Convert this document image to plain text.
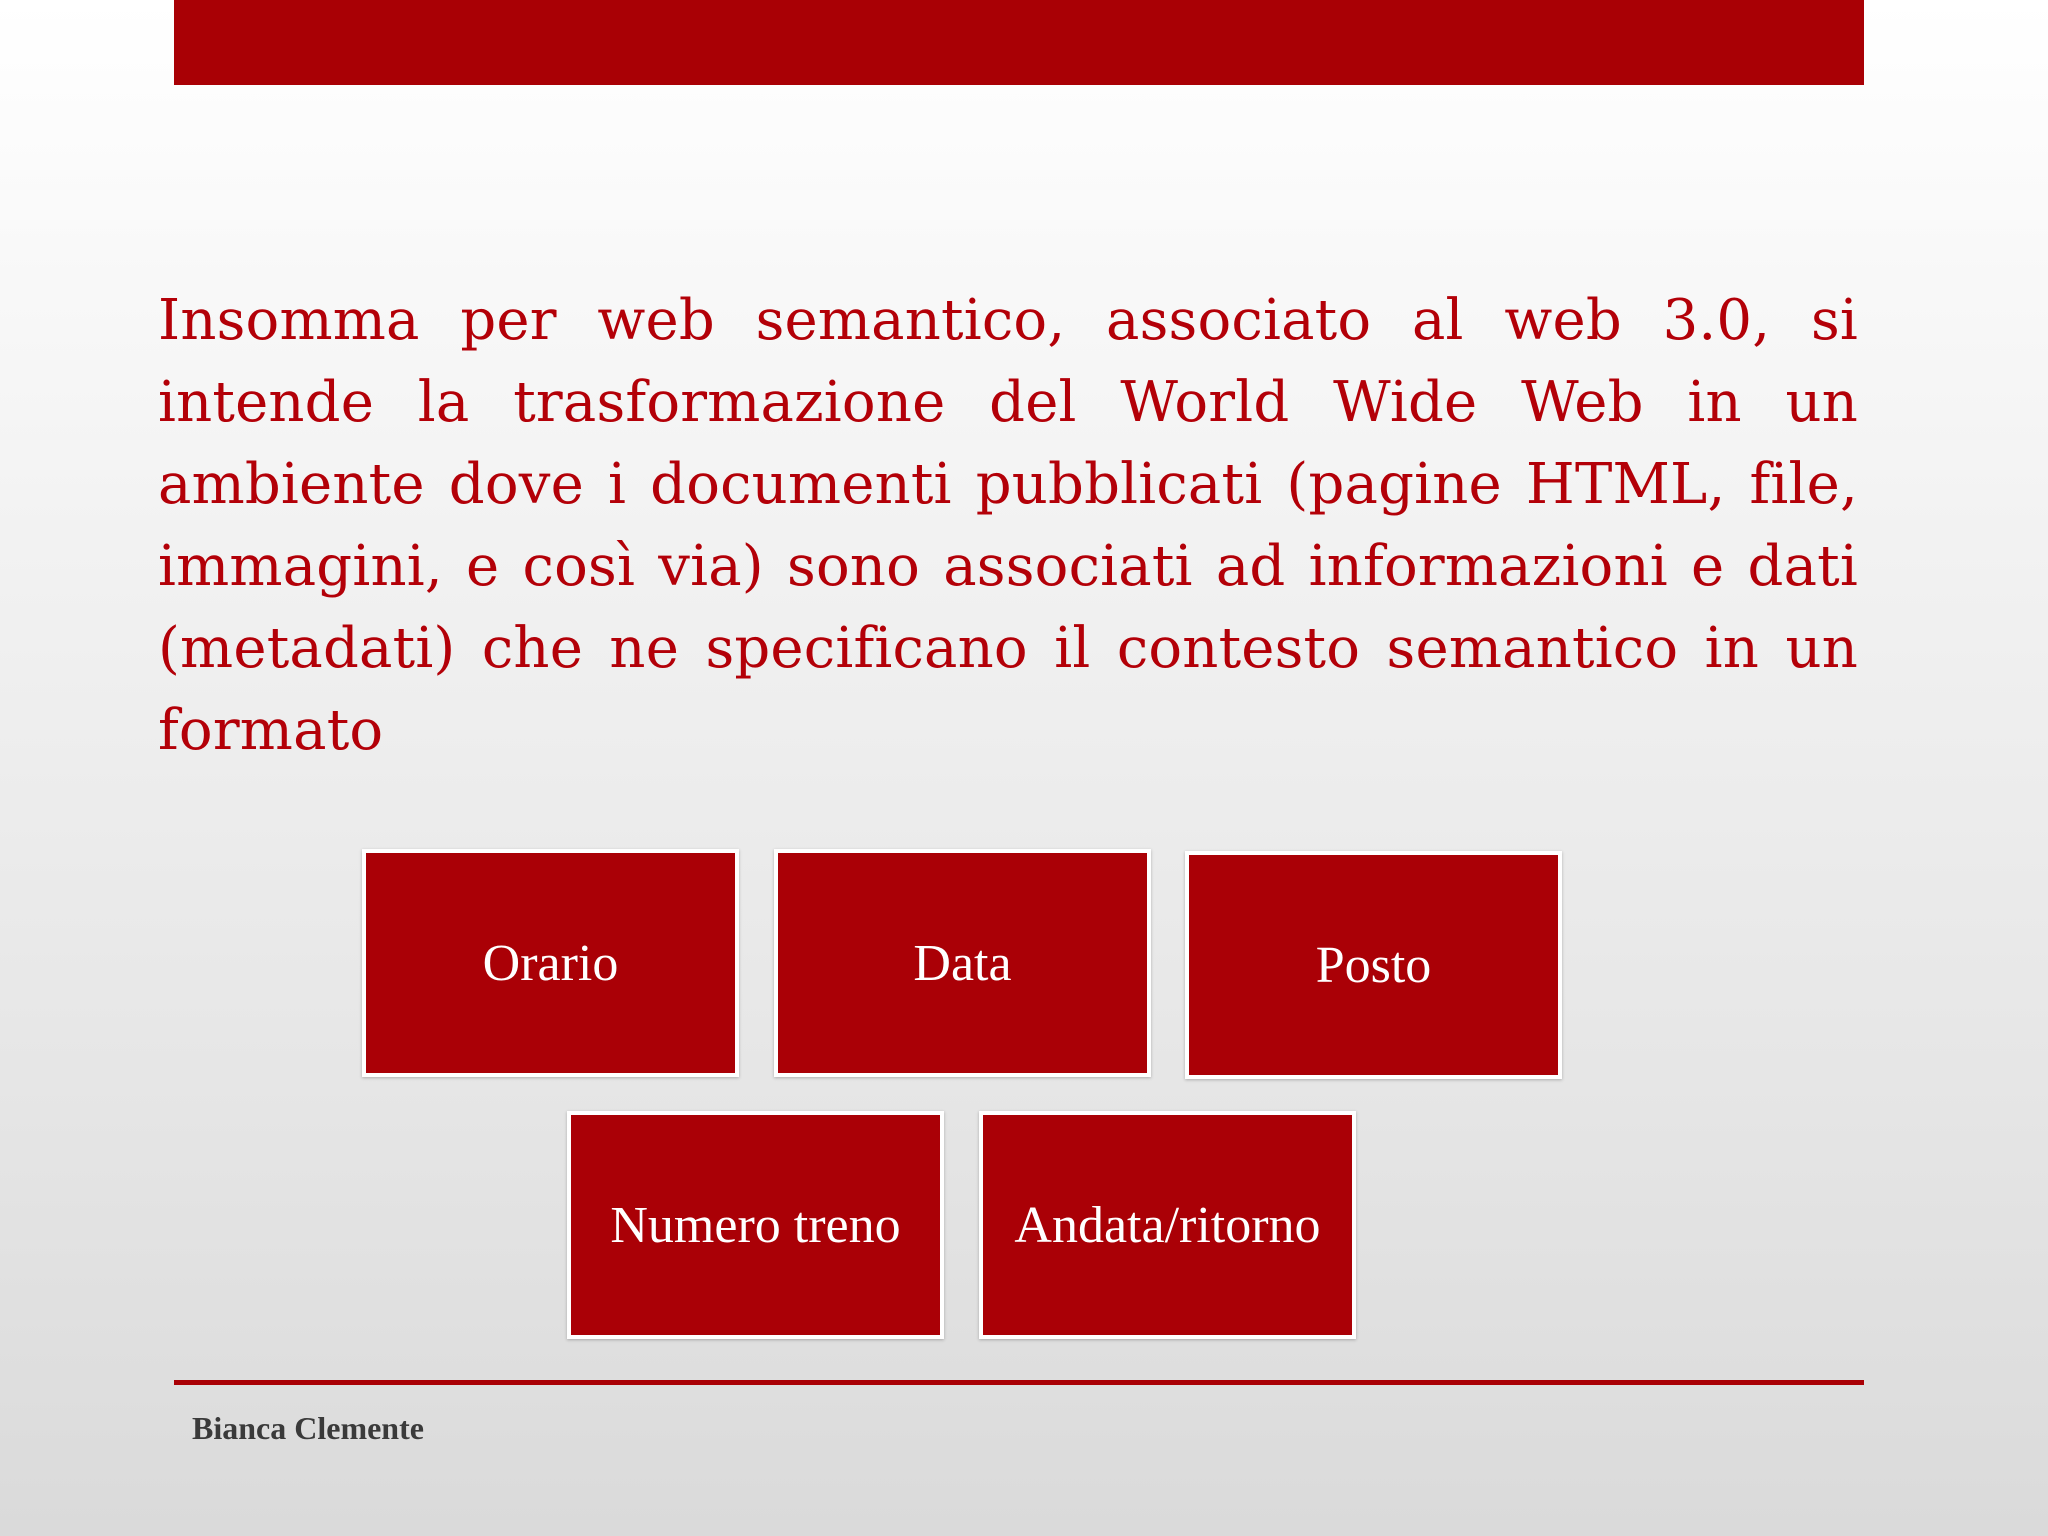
Insomma per web semantico, associato al web 3.0, si intende la trasformazione del World Wide Web in un ambiente dove i documenti pubblicati (pagine HTML, file, immagini, e così via) sono associati ad informazioni e dati (metadati) che ne specificano il contesto semantico in un formato

Orario	Data	Posto
Numero treno Andata/ritorno
Bianca Clemente
